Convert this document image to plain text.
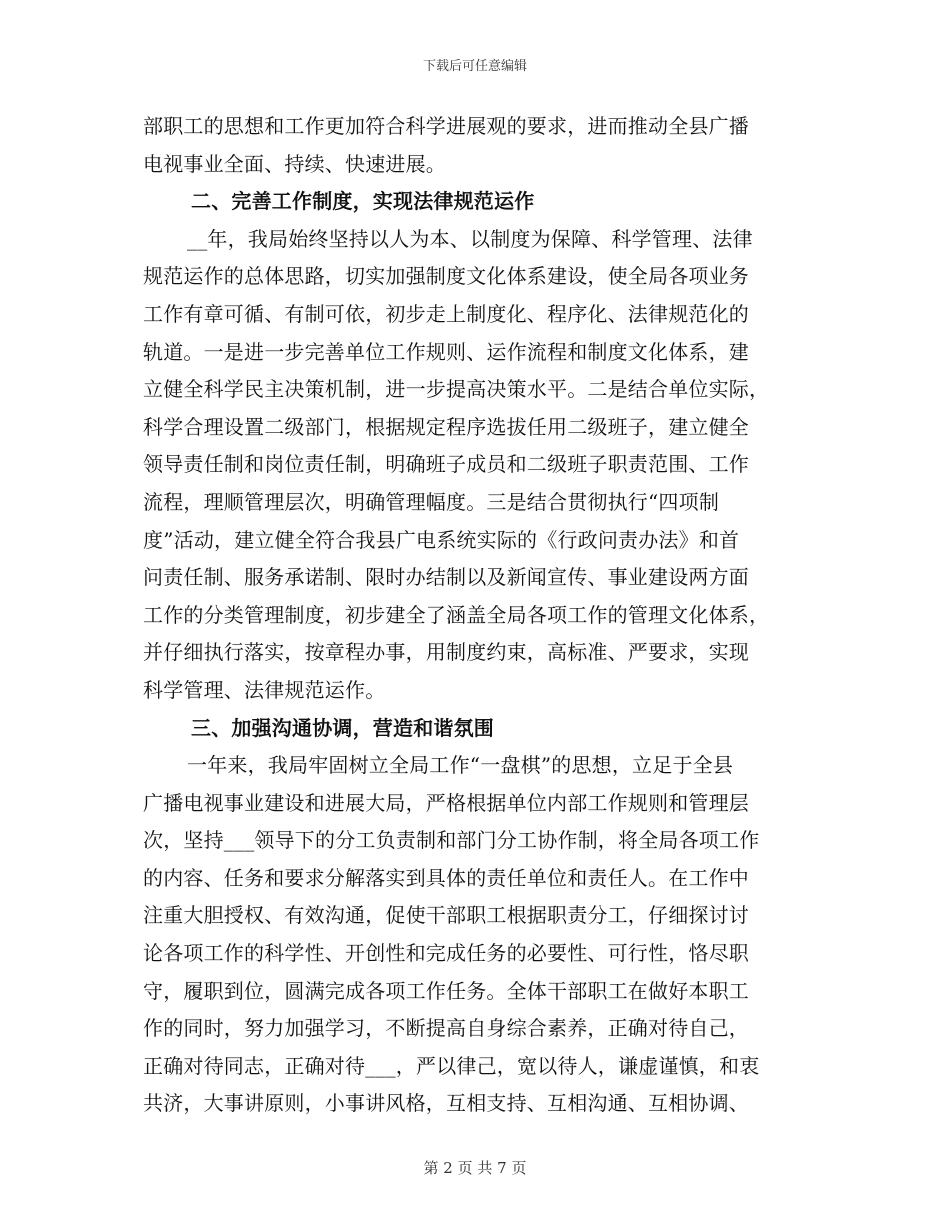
下载后可任意编辑
部职工的思想和工作更加符合科学进展观的要求，进而推动全县广播
电视事业全面、持续、快速进展。
二、完善工作制度，实现法律规范运作
__年，我局始终坚持以人为本、以制度为保障、科学管理、法律
规范运作的总体思路，切实加强制度文化体系建设，使全局各项业务
工作有章可循、有制可依，初步走上制度化、程序化、法律规范化的
轨道。一是进一步完善单位工作规则、运作流程和制度文化体系，建
立健全科学民主决策机制，进一步提高决策水平。二是结合单位实际，
科学合理设置二级部门，根据规定程序选拔任用二级班子，建立健全
领导责任制和岗位责任制，明确班子成员和二级班子职责范围、工作
流程，理顺管理层次，明确管理幅度。三是结合贯彻执行“四项制
度”活动，建立健全符合我县广电系统实际的《行政问责办法》和首
问责任制、服务承诺制、限时办结制以及新闻宣传、事业建设两方面
工作的分类管理制度，初步建全了涵盖全局各项工作的管理文化体系，
并仔细执行落实，按章程办事，用制度约束，高标准、严要求，实现
科学管理、法律规范运作。
三、加强沟通协调，营造和谐氛围
一年来，我局牢固树立全局工作“一盘棋”的思想，立足于全县
广播电视事业建设和进展大局，严格根据单位内部工作规则和管理层
次，坚持___领导下的分工负责制和部门分工协作制，将全局各项工作
的内容、任务和要求分解落实到具体的责任单位和责任人。在工作中
注重大胆授权、有效沟通，促使干部职工根据职责分工，仔细探讨讨
论各项工作的科学性、开创性和完成任务的必要性、可行性，恪尽职
守，履职到位，圆满完成各项工作任务。全体干部职工在做好本职工
作的同时，努力加强学习，不断提高自身综合素养，正确对待自己，
正确对待同志，正确对待___，严以律己，宽以待人，谦虚谨慎，和衷
共济，大事讲原则，小事讲风格，互相支持、互相沟通、互相协调、
第 2 页 共 7 页
